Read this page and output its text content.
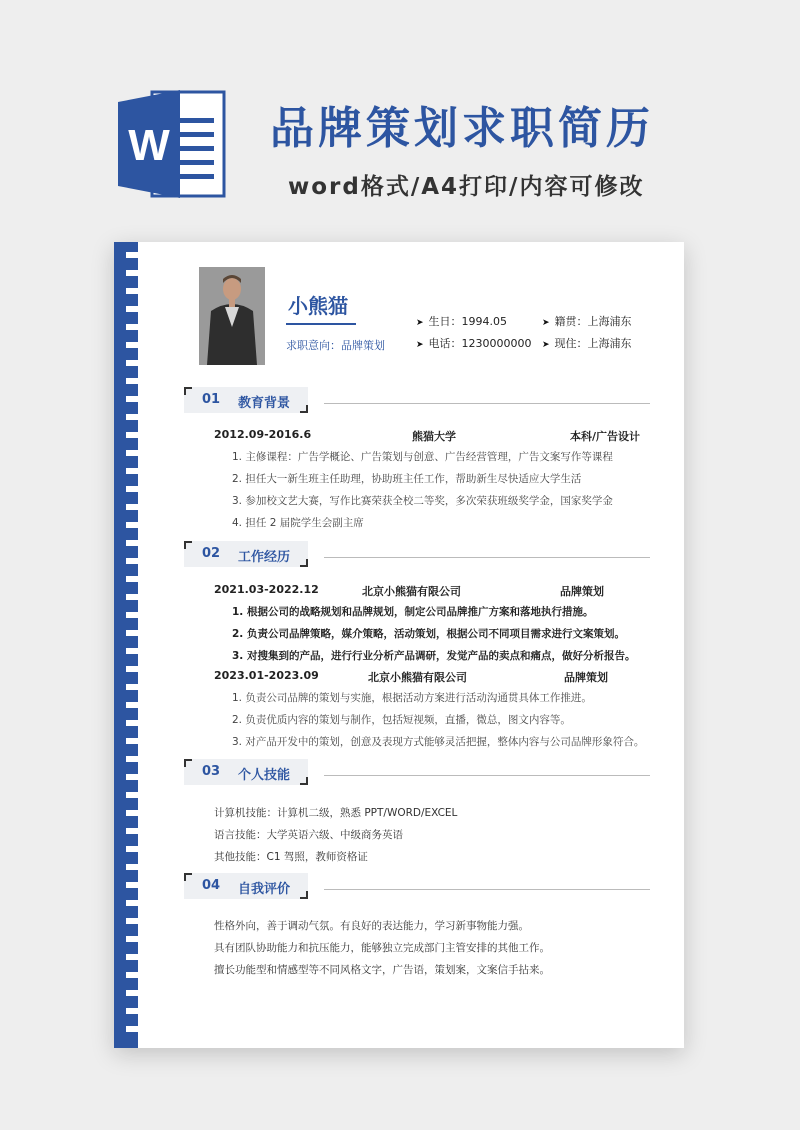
W 品牌策划求职简历
word格式/A4打印/内容可修改
小熊猫
求职意向：品牌策划
➤ 生日：1994.05	➤ 籍贯：上海浦东
➤ 电话：1230000000 ➤ 现住：上海浦东
01 教育背景
2012.09-2016.6	熊猫大学	本科/广告设计
1. 主修课程：广告学概论、广告策划与创意、广告经营管理，广告文案写作等课程
2. 担任大一新生班主任助理，协助班主任工作，帮助新生尽快适应大学生活
3. 参加校文艺大赛，写作比赛荣获全校二等奖，多次荣获班级奖学金，国家奖学金
4. 担任 2 届院学生会副主席
02 工作经历
2021.03-2022.12	北京小熊猫有限公司	品牌策划
1. 根据公司的战略规划和品牌规划，制定公司品牌推广方案和落地执行措施。
2. 负责公司品牌策略，媒介策略，活动策划，根据公司不同项目需求进行文案策划。
3. 对搜集到的产品，进行行业分析产品调研，发觉产品的卖点和痛点，做好分析报告。
2023.01-2023.09	北京小熊猫有限公司	品牌策划
1. 负责公司品牌的策划与实施，根据活动方案进行活动沟通贯具体工作推进。
2. 负责优质内容的策划与制作，包括短视频，直播，微总，图文内容等。
3. 对产品开发中的策划，创意及表现方式能够灵活把握，整体内容与公司品牌形象符合。
03 个人技能
计算机技能：计算机二级，熟悉 PPT/WORD/EXCEL
语言技能：大学英语六级、中级商务英语
其他技能：C1 驾照，教师资格证
04 自我评价
性格外向，善于调动气氛。有良好的表达能力，学习新事物能力强。
具有团队协助能力和抗压能力，能够独立完成部门主管安排的其他工作。
擅长功能型和情感型等不同风格文字，广告语，策划案，文案信手拈来。
